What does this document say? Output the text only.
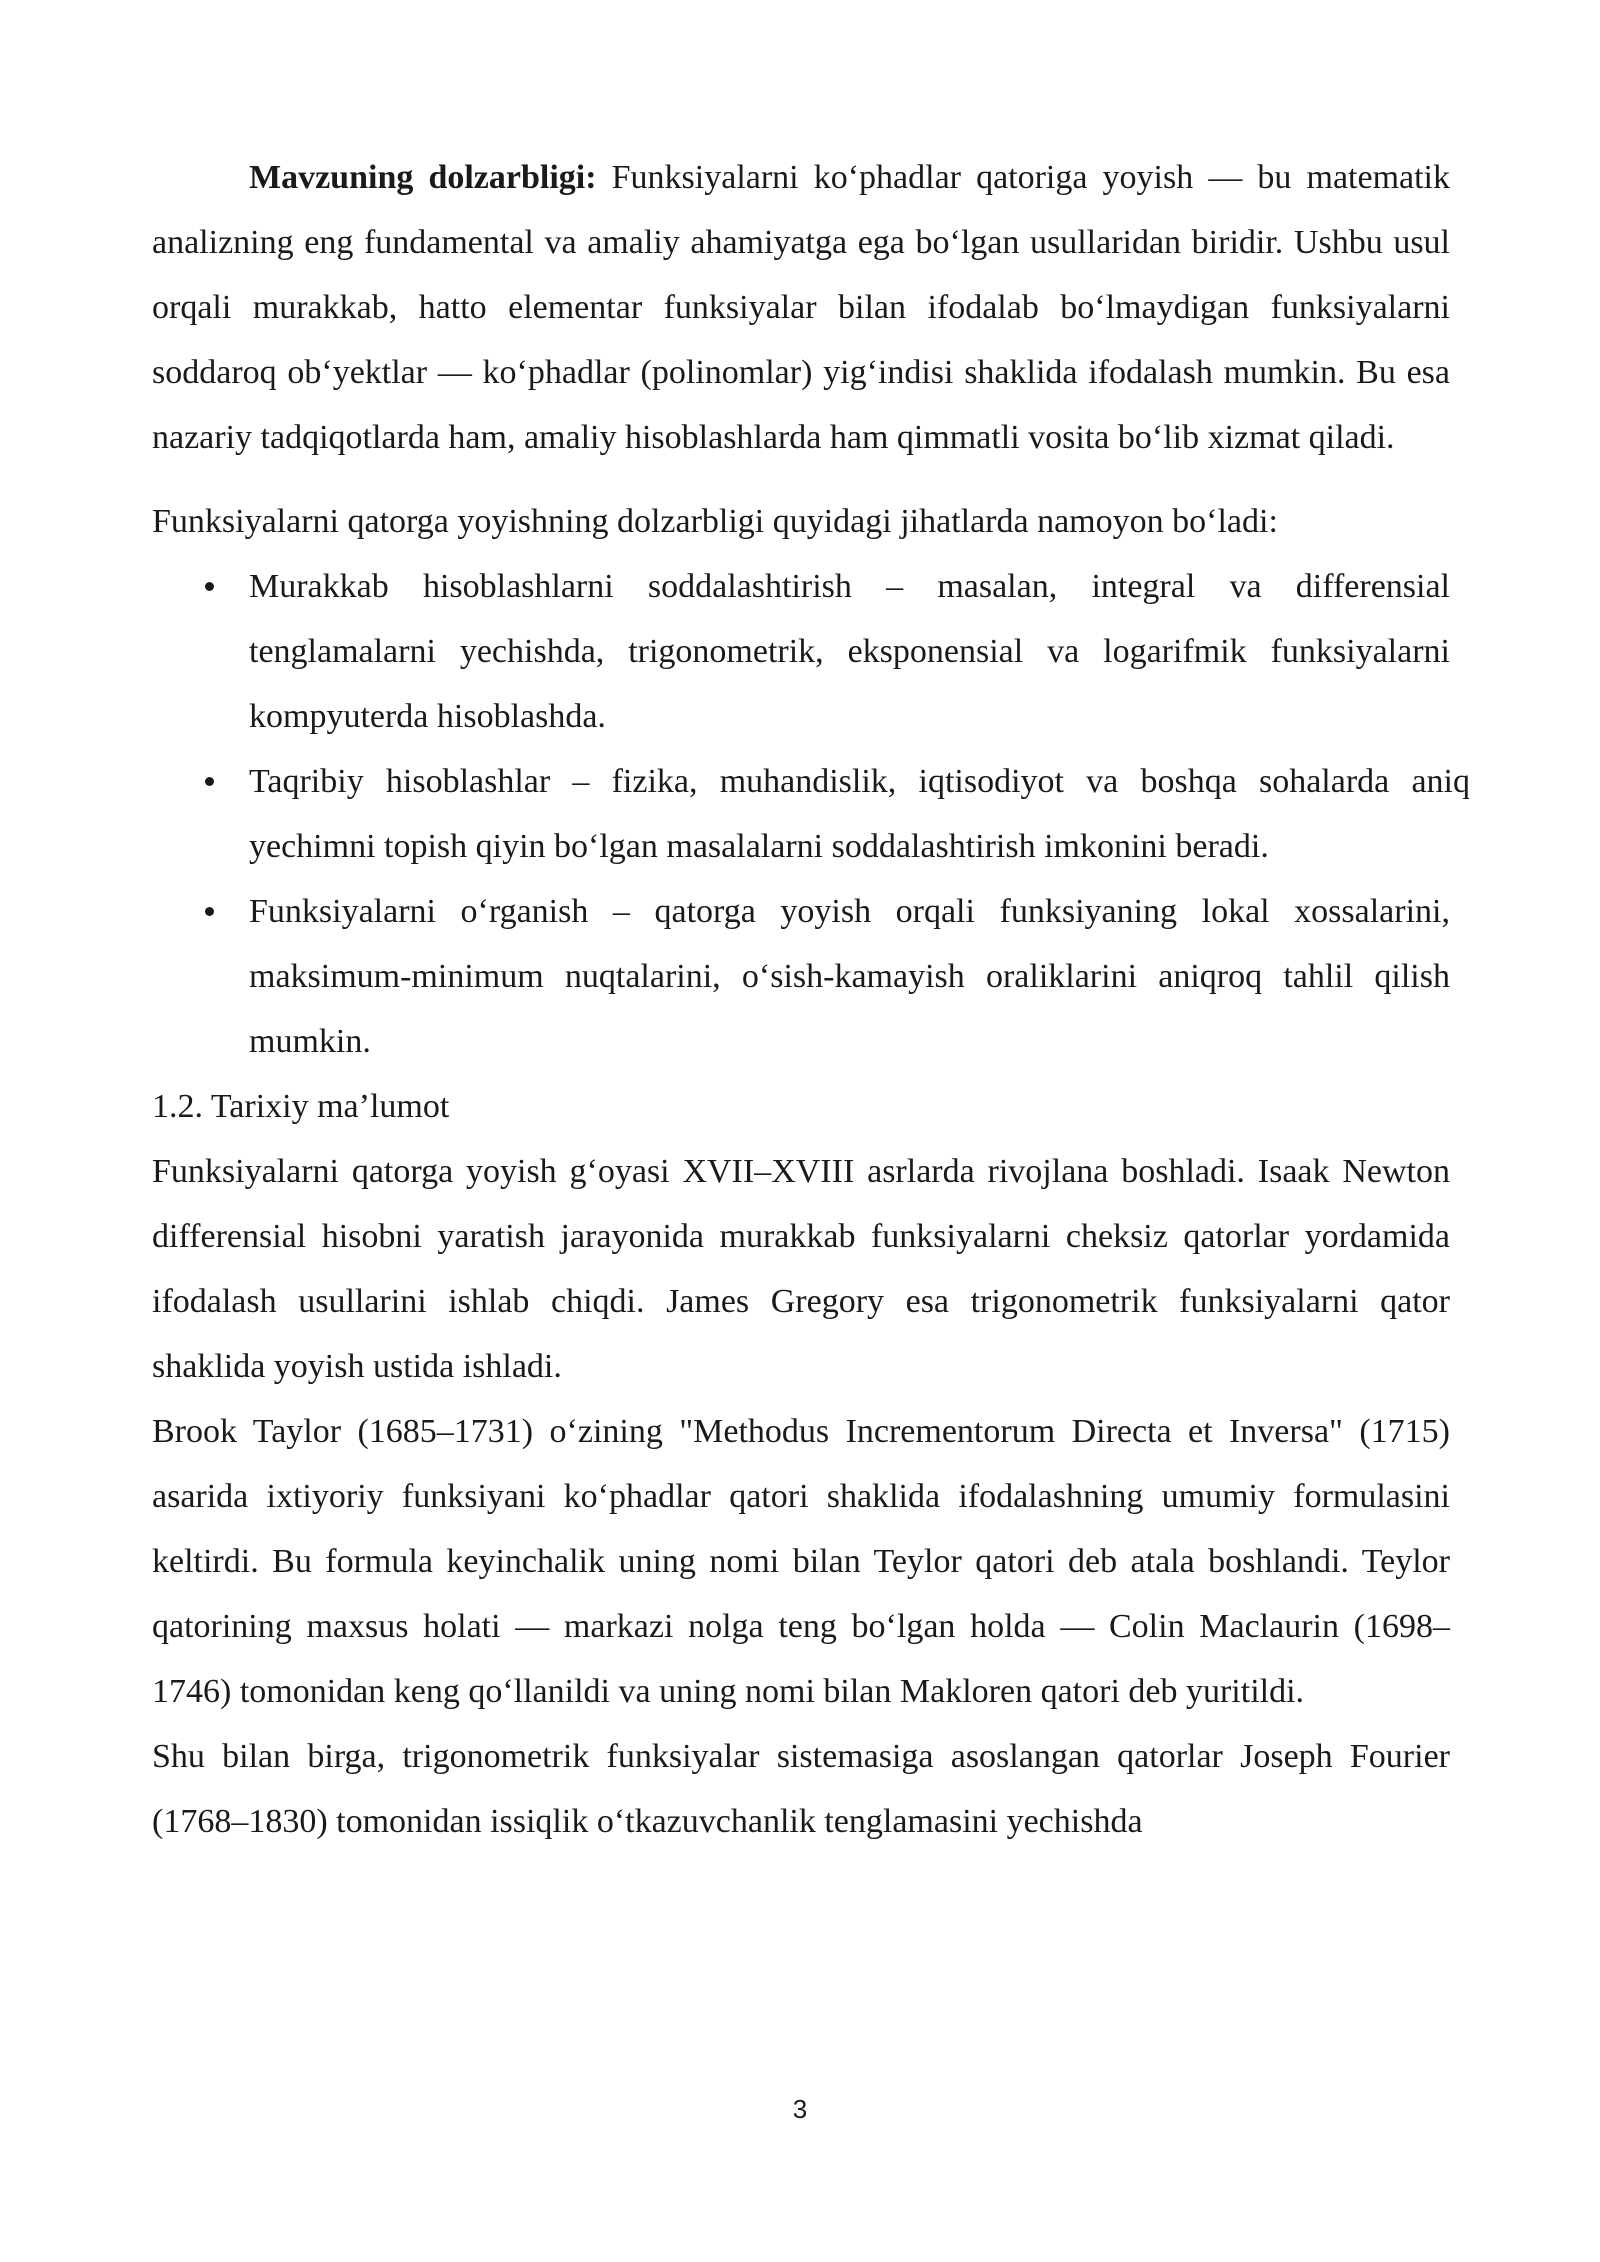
Mavzuning dolzarbligi: Funksiyalarni ko‘phadlar qatoriga yoyish — bu matematik analizning eng fundamental va amaliy ahamiyatga ega bo‘lgan usullaridan biridir. Ushbu usul orqali murakkab, hatto elementar funksiyalar bilan ifodalab bo‘lmaydigan funksiyalarni soddaroq ob‘yektlar — ko‘phadlar (polinomlar) yig‘indisi shaklida ifodalash mumkin. Bu esa nazariy tadqiqotlarda ham, amaliy hisoblashlarda ham qimmatli vosita bo‘lib xizmat qiladi.

Funksiyalarni qatorga yoyishning dolzarbligi quyidagi jihatlarda namoyon bo‘ladi:

Murakkab hisoblashlarni soddalashtirish – masalan, integral va differensial tenglamalarni yechishda, trigonometrik, eksponensial va logarifmik funksiyalarni kompyuterda hisoblashda.
Taqribiy hisoblashlar – fizika, muhandislik, iqtisodiyot va boshqa sohalarda aniq yechimni topish qiyin bo‘lgan masalalarni soddalashtirish imkonini beradi.
Funksiyalarni o‘rganish – qatorga yoyish orqali funksiyaning lokal xossalarini, maksimum-minimum nuqtalarini, o‘sish-kamayish oraliklarini aniqroq tahlil qilish mumkin.

1.2. Tarixiy ma’lumot

Funksiyalarni qatorga yoyish g‘oyasi XVII–XVIII asrlarda rivojlana boshladi. Isaak Newton differensial hisobni yaratish jarayonida murakkab funksiyalarni cheksiz qatorlar yordamida ifodalash usullarini ishlab chiqdi. James Gregory esa trigonometrik funksiyalarni qator shaklida yoyish ustida ishladi.

Brook Taylor (1685–1731) o‘zining "Methodus Incrementorum Directa et Inversa" (1715) asarida ixtiyoriy funksiyani ko‘phadlar qatori shaklida ifodalashning umumiy formulasini keltirdi. Bu formula keyinchalik uning nomi bilan Teylor qatori deb atala boshlandi. Teylor qatorining maxsus holati — markazi nolga teng bo‘lgan holda — Colin Maclaurin (1698–1746) tomonidan keng qo‘llanildi va uning nomi bilan Makloren qatori deb yuritildi.

Shu bilan birga, trigonometrik funksiyalar sistemasiga asoslangan qatorlar Joseph Fourier (1768–1830) tomonidan issiqlik o‘tkazuvchanlik tenglamasini yechishda

3
